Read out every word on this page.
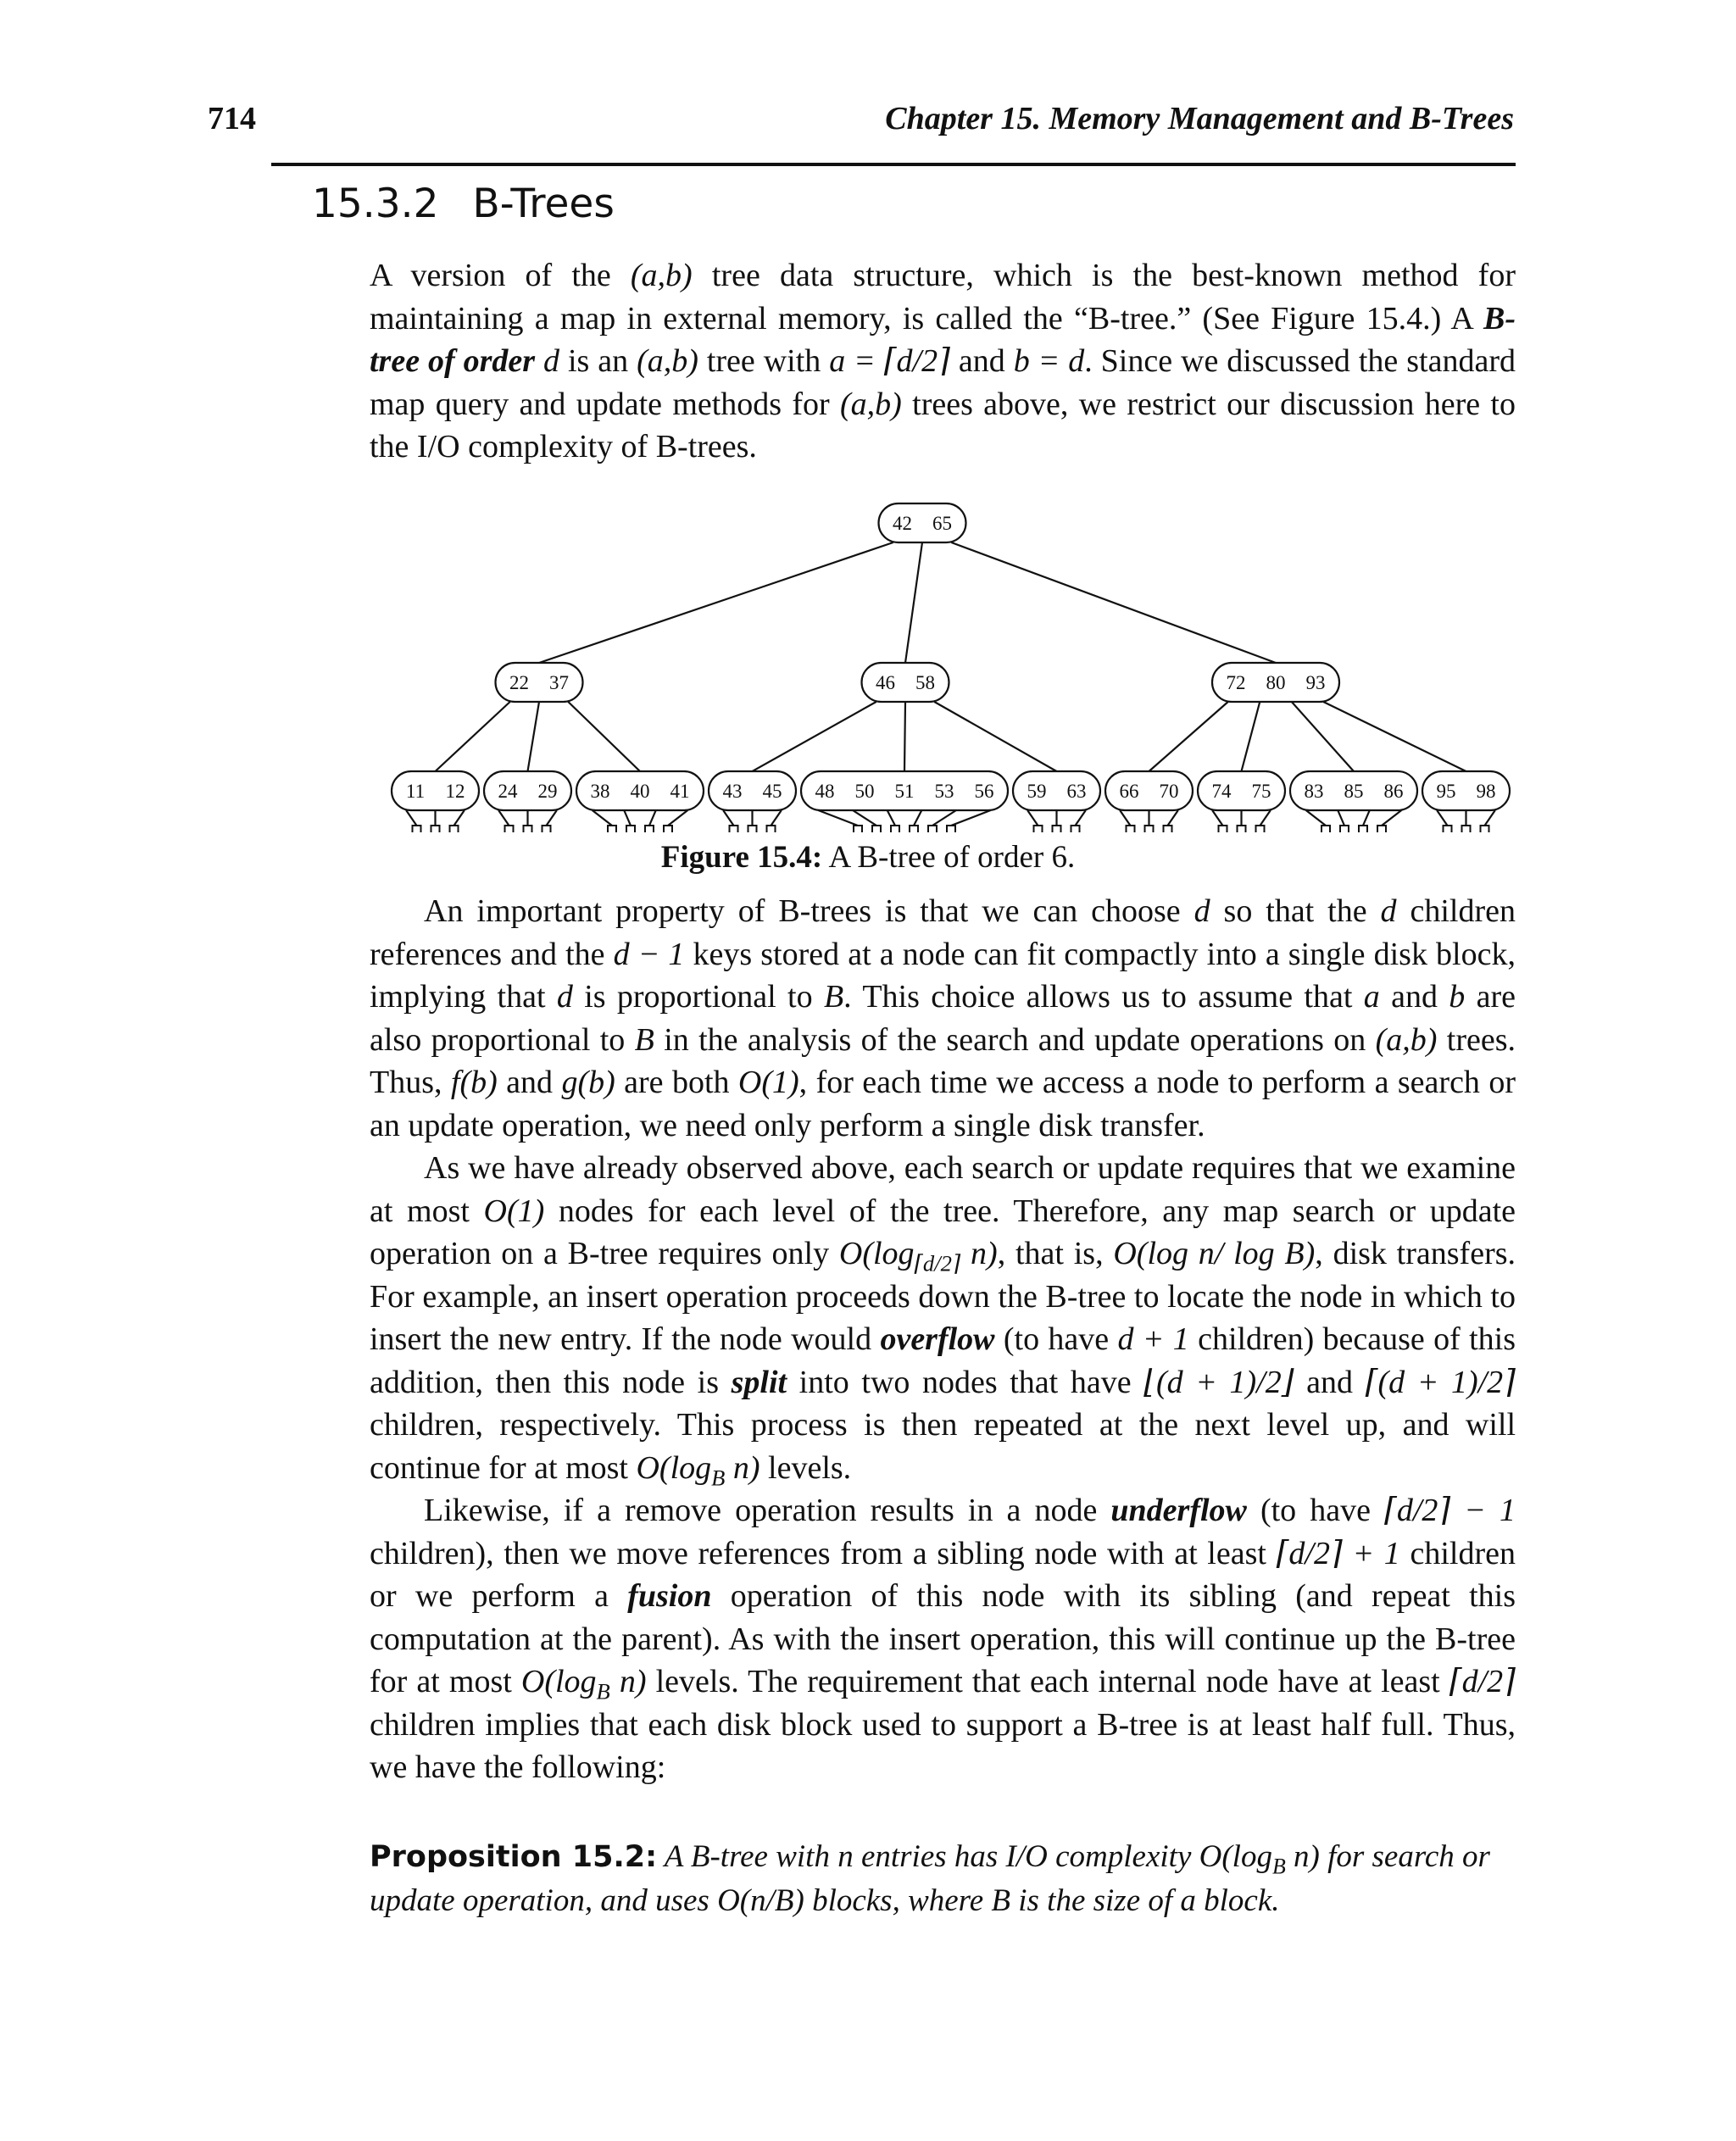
714	Chapter 15. Memory Management and B-Trees
15.3.2 B-Trees

A version of the (a,b) tree data structure, which is the best-known method for maintaining a map in external memory, is called the “B-tree.” (See Figure 15.4.) A B-tree of order d is an (a,b) tree with a = ⌈d/2⌉ and b = d. Since we discussed the standard map query and update methods for (a,b) trees above, we restrict our discussion here to the I/O complexity of B-trees.

11 12 24 29 38 40 41 43 45 48 50 51 53 56 59 63 66 70 74 75 83 85 86 95 98
22 37	46 58	72 80 93
42 65
Figure 15.4: A B-tree of order 6.

An important property of B-trees is that we can choose d so that the d children references and the d − 1 keys stored at a node can fit compactly into a single disk block, implying that d is proportional to B. This choice allows us to assume that a and b are also proportional to B in the analysis of the search and update operations on (a,b) trees. Thus, f(b) and g(b) are both O(1), for each time we access a node to perform a search or an update operation, we need only perform a single disk transfer.

As we have already observed above, each search or update requires that we examine at most O(1) nodes for each level of the tree. Therefore, any map search or update operation on a B-tree requires only $O(\log_{⌈d/2⌉}$ n), that is, O(log n/ log B), disk transfers. For example, an insert operation proceeds down the B-tree to locate the node in which to insert the new entry. If the node would overflow (to have d + 1 children) because of this addition, then this node is split into two nodes that have ⌊(d + 1)/2⌋ and ⌈(d + 1)/2⌉ children, respectively. This process is then repeated at the next level up, and will continue for at most $O(\log_B$ n) levels.

Likewise, if a remove operation results in a node underflow (to have ⌈d/2⌉ − 1 children), then we move references from a sibling node with at least ⌈d/2⌉ + 1 children or we perform a fusion operation of this node with its sibling (and repeat this computation at the parent). As with the insert operation, this will continue up the B-tree for at most $O(\log_B$ n) levels. The requirement that each internal node have at least ⌈d/2⌉ children implies that each disk block used to support a B-tree is at least half full. Thus, we have the following:

Proposition 15.2: A B-tree with n entries has I/O complexity $O(\log_B$ n) for search or update operation, and uses O(n/B) blocks, where B is the size of a block.
